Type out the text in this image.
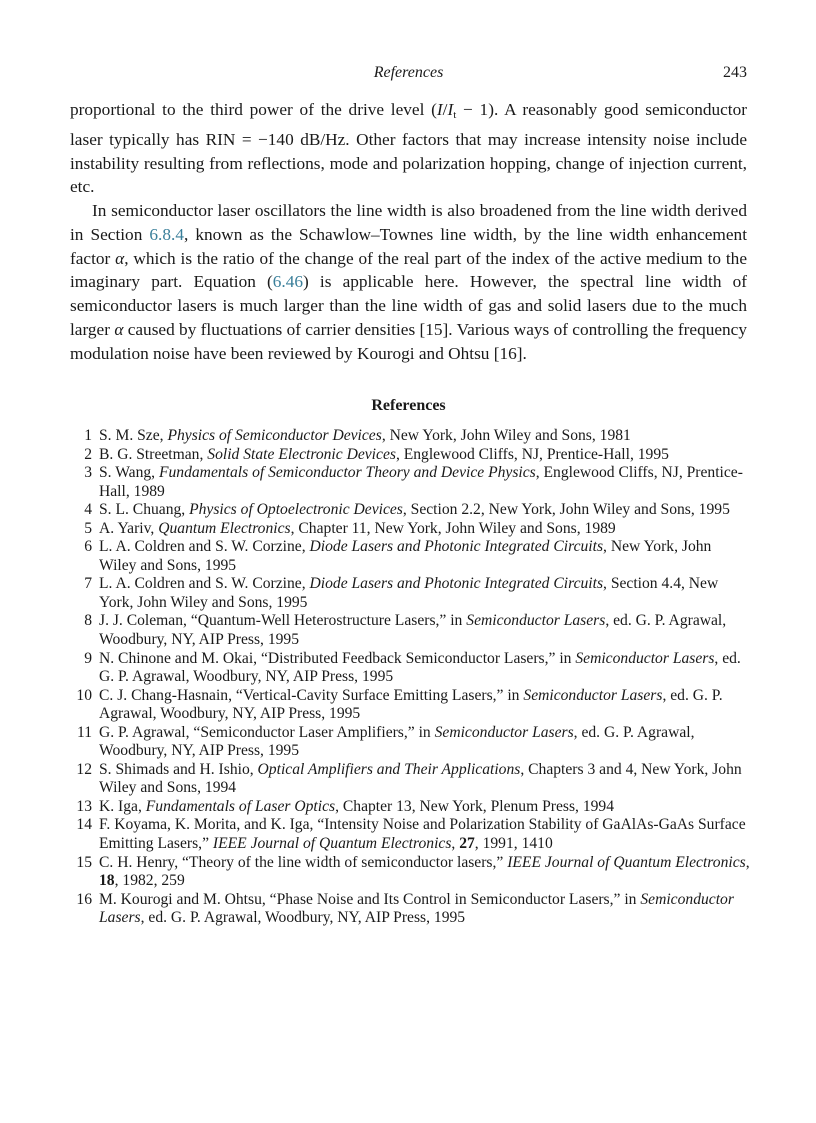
References	243

proportional to the third power of the drive level $(I/I_t - 1)$. A reasonably good semiconductor laser typically has RIN = −140 dB/Hz. Other factors that may increase intensity noise include instability resulting from reflections, mode and polarization hopping, change of injection current, etc.

In semiconductor laser oscillators the line width is also broadened from the line width derived in Section 6.8.4, known as the Schawlow–Townes line width, by the line width enhancement factor α, which is the ratio of the change of the real part of the index of the active medium to the imaginary part. Equation (6.46) is applicable here. However, the spectral line width of semiconductor lasers is much larger than the line width of gas and solid lasers due to the much larger α caused by fluctuations of carrier densities [15]. Various ways of controlling the frequency modulation noise have been reviewed by Kourogi and Ohtsu [16].

References
1 S. M. Sze, Physics of Semiconductor Devices, New York, John Wiley and Sons, 1981
2 B. G. Streetman, Solid State Electronic Devices, Englewood Cliffs, NJ, Prentice-Hall, 1995
3 S. Wang, Fundamentals of Semiconductor Theory and Device Physics, Englewood Cliffs, NJ, Prentice-Hall, 1989
4 S. L. Chuang, Physics of Optoelectronic Devices, Section 2.2, New York, John Wiley and Sons, 1995
5 A. Yariv, Quantum Electronics, Chapter 11, New York, John Wiley and Sons, 1989
6 L. A. Coldren and S. W. Corzine, Diode Lasers and Photonic Integrated Circuits, New York, John Wiley and Sons, 1995
7 L. A. Coldren and S. W. Corzine, Diode Lasers and Photonic Integrated Circuits, Section 4.4, New York, John Wiley and Sons, 1995
8 J. J. Coleman, “Quantum-Well Heterostructure Lasers,” in Semiconductor Lasers, ed. G. P. Agrawal, Woodbury, NY, AIP Press, 1995
9 N. Chinone and M. Okai, “Distributed Feedback Semiconductor Lasers,” in Semiconductor Lasers, ed. G. P. Agrawal, Woodbury, NY, AIP Press, 1995
10 C. J. Chang-Hasnain, “Vertical-Cavity Surface Emitting Lasers,” in Semiconductor Lasers, ed. G. P. Agrawal, Woodbury, NY, AIP Press, 1995
11 G. P. Agrawal, “Semiconductor Laser Amplifiers,” in Semiconductor Lasers, ed. G. P. Agrawal, Woodbury, NY, AIP Press, 1995
12 S. Shimads and H. Ishio, Optical Amplifiers and Their Applications, Chapters 3 and 4, New York, John Wiley and Sons, 1994
13 K. Iga, Fundamentals of Laser Optics, Chapter 13, New York, Plenum Press, 1994
14 F. Koyama, K. Morita, and K. Iga, “Intensity Noise and Polarization Stability of GaAlAs-GaAs Surface Emitting Lasers,” IEEE Journal of Quantum Electronics, 27, 1991, 1410
15 C. H. Henry, “Theory of the line width of semiconductor lasers,” IEEE Journal of Quantum Electronics, 18, 1982, 259
16 M. Kourogi and M. Ohtsu, “Phase Noise and Its Control in Semiconductor Lasers,” in Semiconductor Lasers, ed. G. P. Agrawal, Woodbury, NY, AIP Press, 1995
